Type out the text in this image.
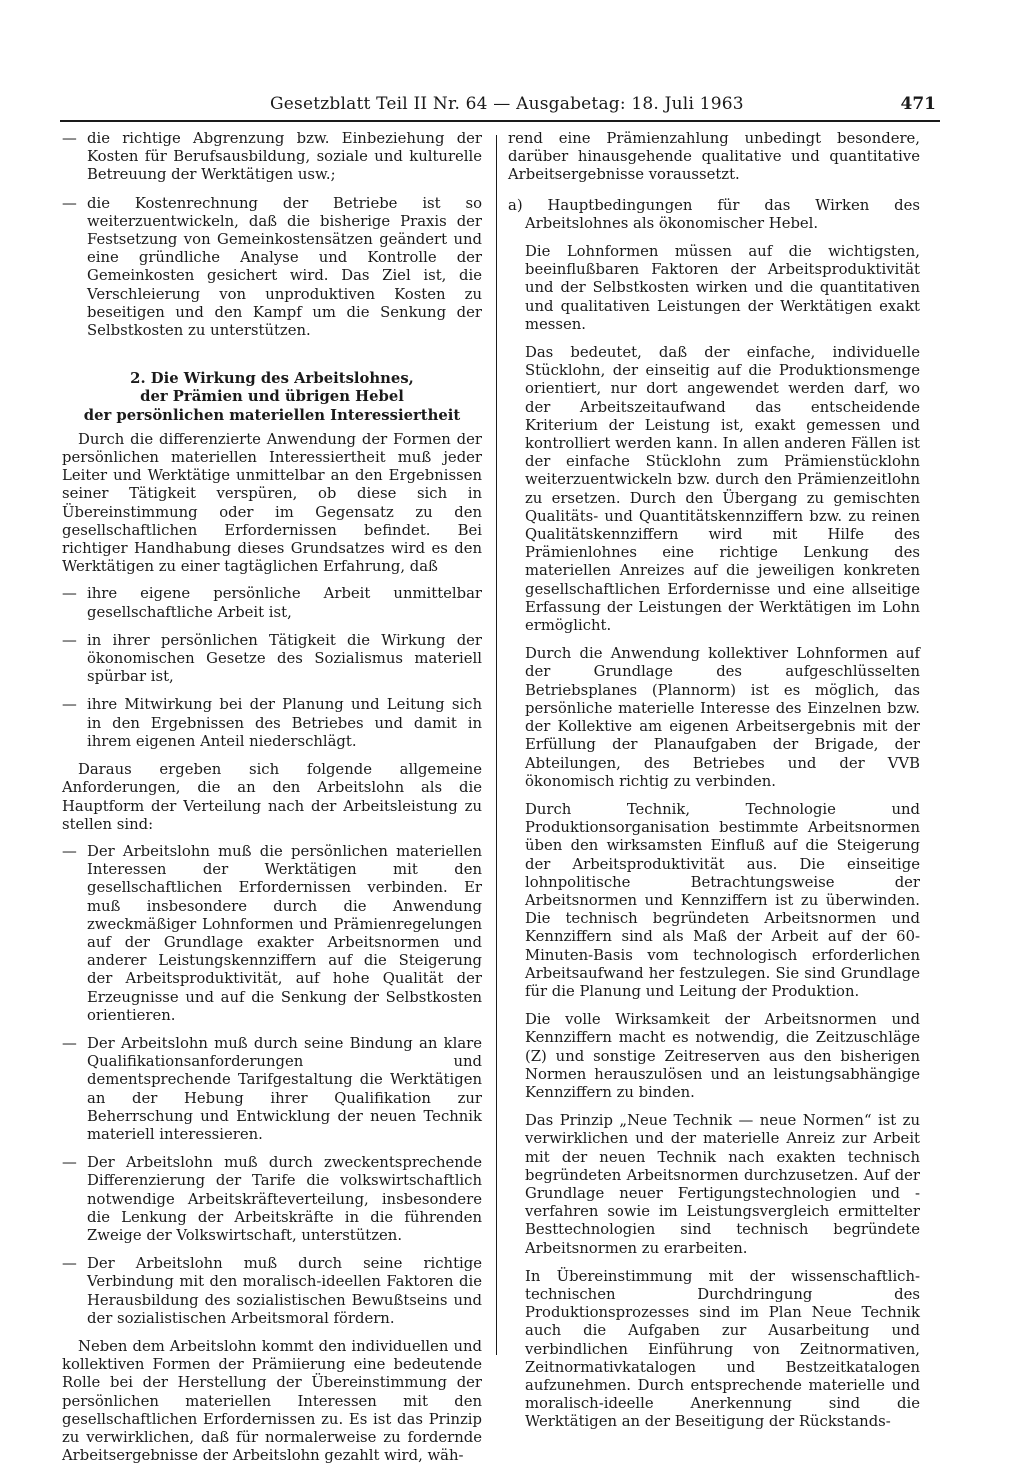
Gesetzblatt Teil II Nr. 64 — Ausgabetag: 18. Juli 1963	471

— die richtige Abgrenzung bzw. Einbeziehung der Kosten für Berufsausbildung, soziale und kulturelle Betreuung der Werktätigen usw.;

— die Kostenrechnung der Betriebe ist so weiterzuentwickeln, daß die bisherige Praxis der Festsetzung von Gemeinkostensätzen geändert und eine gründliche Analyse und Kontrolle der Gemeinkosten gesichert wird. Das Ziel ist, die Verschleierung von unproduktiven Kosten zu beseitigen und den Kampf um die Senkung der Selbstkosten zu unterstützen.

2. Die Wirkung des Arbeitslohnes,
der Prämien und übrigen Hebel
der persönlichen materiellen Interessiertheit

Durch die differenzierte Anwendung der Formen der persönlichen materiellen Interessiertheit muß jeder Leiter und Werktätige unmittelbar an den Ergebnissen seiner Tätigkeit verspüren, ob diese sich in Übereinstimmung oder im Gegensatz zu den gesellschaftlichen Erfordernissen befindet. Bei richtiger Handhabung dieses Grundsatzes wird es den Werktätigen zu einer tagtäglichen Erfahrung, daß

— ihre eigene persönliche Arbeit unmittelbar gesellschaftliche Arbeit ist,

— in ihrer persönlichen Tätigkeit die Wirkung der ökonomischen Gesetze des Sozialismus materiell spürbar ist,

— ihre Mitwirkung bei der Planung und Leitung sich in den Ergebnissen des Betriebes und damit in ihrem eigenen Anteil niederschlägt.

Daraus ergeben sich folgende allgemeine Anforderungen, die an den Arbeitslohn als die Hauptform der Verteilung nach der Arbeitsleistung zu stellen sind:

— Der Arbeitslohn muß die persönlichen materiellen Interessen der Werktätigen mit den gesellschaftlichen Erfordernissen verbinden. Er muß insbesondere durch die Anwendung zweckmäßiger Lohnformen und Prämienregelungen auf der Grundlage exakter Arbeitsnormen und anderer Leistungskennziffern auf die Steigerung der Arbeitsproduktivität, auf hohe Qualität der Erzeugnisse und auf die Senkung der Selbstkosten orientieren.

— Der Arbeitslohn muß durch seine Bindung an klare Qualifikationsanforderungen und dementsprechende Tarifgestaltung die Werktätigen an der Hebung ihrer Qualifikation zur Beherrschung und Entwicklung der neuen Technik materiell interessieren.

— Der Arbeitslohn muß durch zweckentsprechende Differenzierung der Tarife die volkswirtschaftlich notwendige Arbeitskräfteverteilung, insbesondere die Lenkung der Arbeitskräfte in die führenden Zweige der Volkswirtschaft, unterstützen.

— Der Arbeitslohn muß durch seine richtige Verbindung mit den moralisch-ideellen Faktoren die Herausbildung des sozialistischen Bewußtseins und der sozialistischen Arbeitsmoral fördern.

Neben dem Arbeitslohn kommt den individuellen und kollektiven Formen der Prämiierung eine bedeutende Rolle bei der Herstellung der Übereinstimmung der persönlichen materiellen Interessen mit den gesellschaftlichen Erfordernissen zu. Es ist das Prinzip zu verwirklichen, daß für normalerweise zu fordernde Arbeitsergebnisse der Arbeitslohn gezahlt wird, wäh-

rend eine Prämienzahlung unbedingt besondere, darüber hinausgehende qualitative und quantitative Arbeitsergebnisse voraussetzt.

a) Hauptbedingungen für das Wirken des Arbeitslohnes als ökonomischer Hebel.

Die Lohnformen müssen auf die wichtigsten, beeinflußbaren Faktoren der Arbeitsproduktivität und der Selbstkosten wirken und die quantitativen und qualitativen Leistungen der Werktätigen exakt messen.

Das bedeutet, daß der einfache, individuelle Stücklohn, der einseitig auf die Produktionsmenge orientiert, nur dort angewendet werden darf, wo der Arbeitszeitaufwand das entscheidende Kriterium der Leistung ist, exakt gemessen und kontrolliert werden kann. In allen anderen Fällen ist der einfache Stücklohn zum Prämienstücklohn weiterzuentwickeln bzw. durch den Prämienzeitlohn zu ersetzen. Durch den Übergang zu gemischten Qualitäts- und Quantitätskennziffern bzw. zu reinen Qualitätskennziffern wird mit Hilfe des Prämienlohnes eine richtige Lenkung des materiellen Anreizes auf die jeweiligen konkreten gesellschaftlichen Erfordernisse und eine allseitige Erfassung der Leistungen der Werktätigen im Lohn ermöglicht.

Durch die Anwendung kollektiver Lohnformen auf der Grundlage des aufgeschlüsselten Betriebsplanes (Plannorm) ist es möglich, das persönliche materielle Interesse des Einzelnen bzw. der Kollektive am eigenen Arbeitsergebnis mit der Erfüllung der Planaufgaben der Brigade, der Abteilungen, des Betriebes und der VVB ökonomisch richtig zu verbinden.

Durch Technik, Technologie und Produktionsorganisation bestimmte Arbeitsnormen üben den wirksamsten Einfluß auf die Steigerung der Arbeitsproduktivität aus. Die einseitige lohnpolitische Betrachtungsweise der Arbeitsnormen und Kennziffern ist zu überwinden. Die technisch begründeten Arbeitsnormen und Kennziffern sind als Maß der Arbeit auf der 60-Minuten-Basis vom technologisch erforderlichen Arbeitsaufwand her festzulegen. Sie sind Grundlage für die Planung und Leitung der Produktion.

Die volle Wirksamkeit der Arbeitsnormen und Kennziffern macht es notwendig, die Zeitzuschläge (Z) und sonstige Zeitreserven aus den bisherigen Normen herauszulösen und an leistungsabhängige Kennziffern zu binden.

Das Prinzip „Neue Technik — neue Normen“ ist zu verwirklichen und der materielle Anreiz zur Arbeit mit der neuen Technik nach exakten technisch begründeten Arbeitsnormen durchzusetzen. Auf der Grundlage neuer Fertigungstechnologien und -verfahren sowie im Leistungsvergleich ermittelter Besttechnologien sind technisch begründete Arbeitsnormen zu erarbeiten.

In Übereinstimmung mit der wissenschaftlich-technischen Durchdringung des Produktionsprozesses sind im Plan Neue Technik auch die Aufgaben zur Ausarbeitung und verbindlichen Einführung von Zeitnormativen, Zeitnormativkatalogen und Bestzeitkatalogen aufzunehmen. Durch entsprechende materielle und moralisch-ideelle Anerkennung sind die Werktätigen an der Beseitigung der Rückstands-
